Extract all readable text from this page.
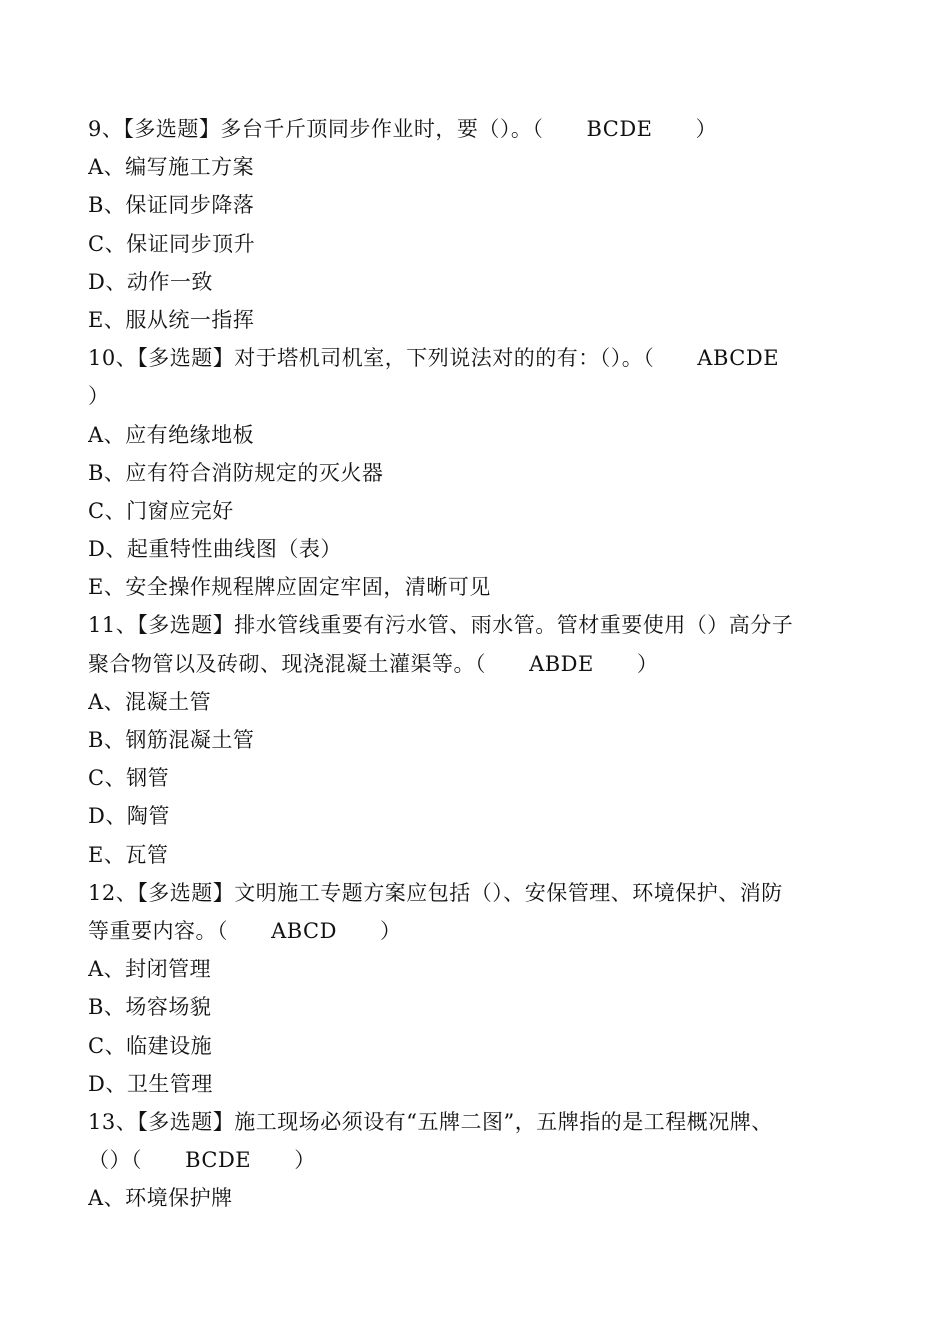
9、【多选题】多台千斤顶同步作业时，要（）。（ BCDE ）
A、编写施工方案
B、保证同步降落
C、保证同步顶升
D、动作一致
E、服从统一指挥
10、【多选题】对于塔机司机室，下列说法对的的有：（）。（ ABCDE
）
A、应有绝缘地板
B、应有符合消防规定的灭火器
C、门窗应完好
D、起重特性曲线图（表）
E、安全操作规程牌应固定牢固，清晰可见
11、【多选题】排水管线重要有污水管、雨水管。管材重要使用（）高分子
聚合物管以及砖砌、现浇混凝土灌渠等。（ ABDE ）
A、混凝土管
B、钢筋混凝土管
C、钢管
D、陶管
E、瓦管
12、【多选题】文明施工专题方案应包括（）、安保管理、环境保护、消防
等重要内容。（ ABCD ）
A、封闭管理
B、场容场貌
C、临建设施
D、卫生管理
13、【多选题】施工现场必须设有“五牌二图”，五牌指的是工程概况牌、
（）（ BCDE ）
A、环境保护牌
